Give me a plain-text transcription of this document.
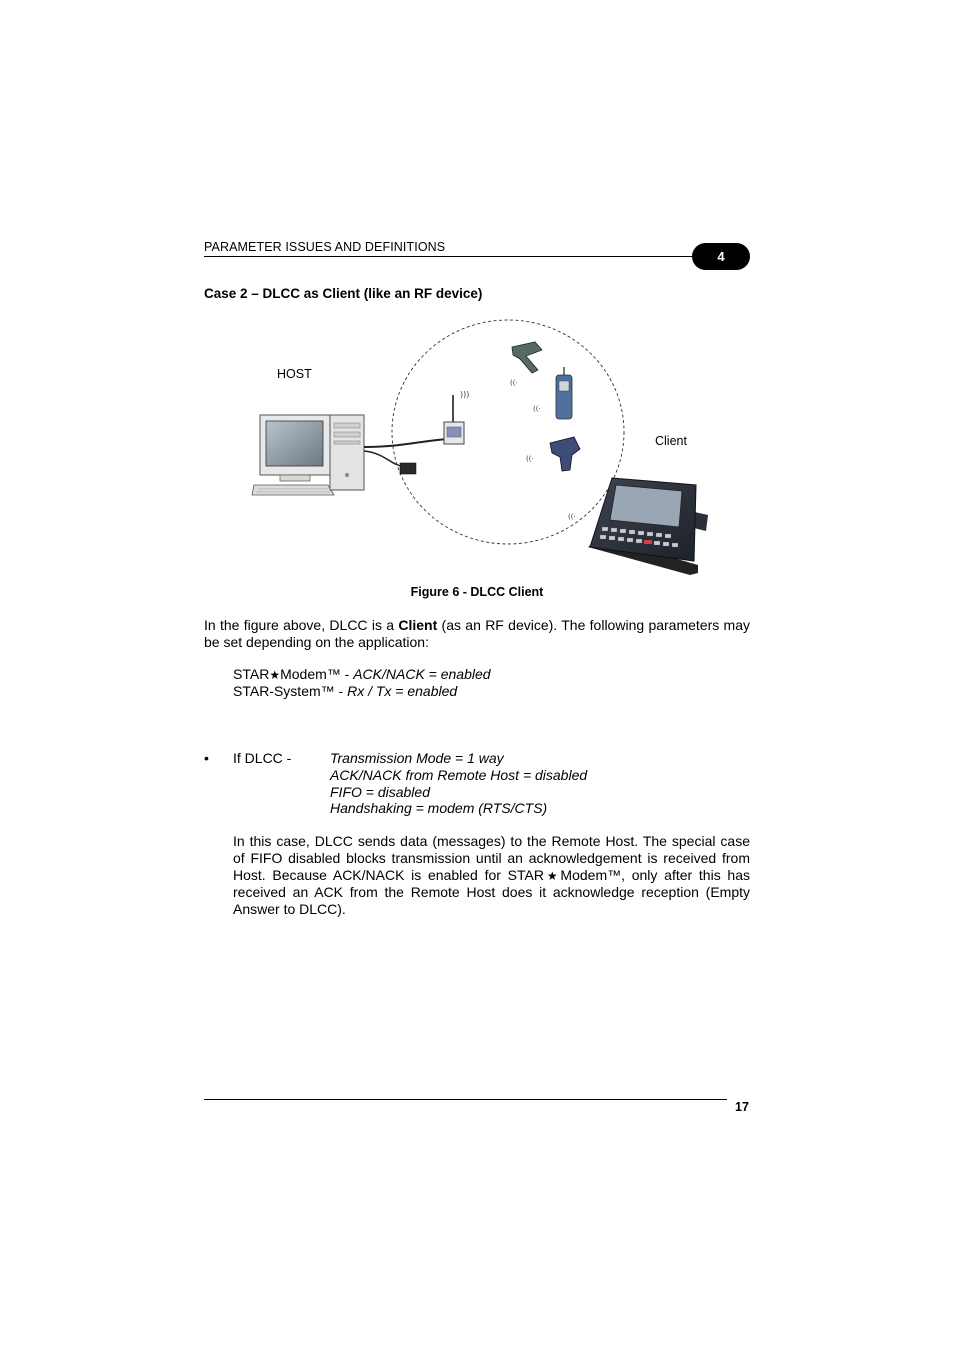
PARAMETER ISSUES AND DEFINITIONS
4
Case 2 – DLCC as Client (like an RF device)
)))
((·
((·
((·
((·
HOST
Client
Figure 6 - DLCC Client
In the figure above, DLCC is a Client (as an RF device). The following parameters may be set depending on the application:
STAR★Modem™ - ACK/NACK = enabled
STAR-System™ - Rx / Tx = enabled
• If DLCC -	Transmission Mode = 1 way
ACK/NACK from Remote Host = disabled
FIFO = disabled
Handshaking = modem (RTS/CTS)
In this case, DLCC sends data (messages) to the Remote Host. The special case of FIFO disabled blocks transmission until an acknowledgement is received from Host. Because ACK/NACK is enabled for STAR★Modem™, only after this has received an ACK from the Remote Host does it acknowledge reception (Empty Answer to DLCC).
17
